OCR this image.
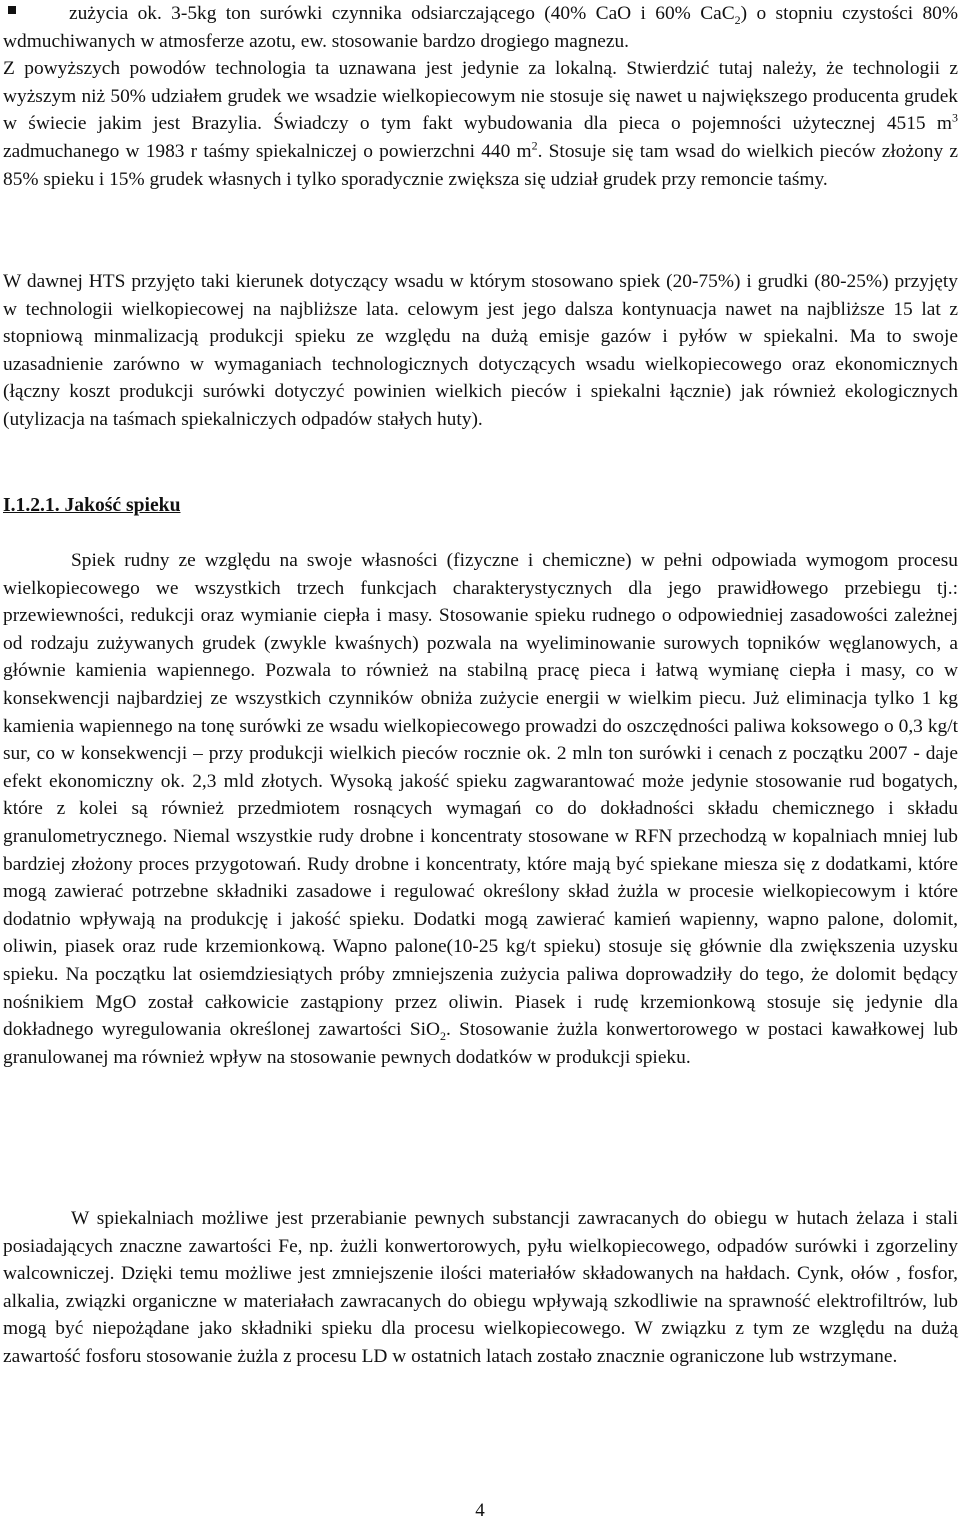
zużycia ok. 3-5kg ton surówki czynnika odsiarczającego (40% CaO i 60% CaC$_2$) o stopniu czystości 80% wdmuchiwanych w atmosferze azotu, ew. stosowanie bardzo drogiego magnezu.
Z powyższych powodów technologia ta uznawana jest jedynie za lokalną. Stwierdzić tutaj należy, że technologii z wyższym niż 50% udziałem grudek we wsadzie wielkopiecowym nie stosuje się nawet u największego producenta grudek w świecie jakim jest Brazylia. Świadczy o tym fakt wybudowania dla pieca o pojemności użytecznej 4515 $m^3$ zadmuchanego w 1983 r taśmy spiekalniczej o powierzchni 440 $m^2$. Stosuje się tam wsad do wielkich pieców złożony z 85% spieku i 15% grudek własnych i tylko sporadycznie zwiększa się udział grudek przy remoncie taśmy.
W dawnej HTS przyjęto taki kierunek dotyczący wsadu w którym stosowano spiek (20-75%) i grudki (80-25%) przyjęty w technologii wielkopiecowej na najbliższe lata. celowym jest jego dalsza kontynuacja nawet na najbliższe 15 lat z stopniową minmalizacją produkcji spieku ze względu na dużą emisje gazów i pyłów w spiekalni. Ma to swoje uzasadnienie zarówno w wymaganiach technologicznych dotyczących wsadu wielkopiecowego oraz ekonomicznych (łączny koszt produkcji surówki dotyczyć powinien wielkich pieców i spiekalni łącznie) jak również ekologicznych (utylizacja na taśmach spiekalniczych odpadów stałych huty).
I.1.2.1. Jakość spieku
Spiek rudny ze względu na swoje własności (fizyczne i chemiczne) w pełni odpowiada wymogom procesu wielkopiecowego we wszystkich trzech funkcjach charakterystycznych dla jego prawidłowego przebiegu tj.: przewiewności, redukcji oraz wymianie ciepła i masy. Stosowanie spieku rudnego o odpowiedniej zasadowości zależnej od rodzaju zużywanych grudek (zwykle kwaśnych) pozwala na wyeliminowanie surowych topników węglanowych, a głównie kamienia wapiennego. Pozwala to również na stabilną pracę pieca i łatwą wymianę ciepła i masy, co w konsekwencji najbardziej ze wszystkich czynników obniża zużycie energii w wielkim piecu. Już eliminacja tylko 1 kg kamienia wapiennego na tonę surówki ze wsadu wielkopiecowego prowadzi do oszczędności paliwa koksowego o 0,3 kg/t sur, co w konsekwencji – przy produkcji wielkich pieców rocznie ok. 2 mln ton surówki i cenach z początku 2007 - daje efekt ekonomiczny ok. 2,3 mld złotych. Wysoką jakość spieku zagwarantować może jedynie stosowanie rud bogatych, które z kolei są również przedmiotem rosnących wymagań co do dokładności składu chemicznego i składu granulometrycznego. Niemal wszystkie rudy drobne i koncentraty stosowane w RFN przechodzą w kopalniach mniej lub bardziej złożony proces przygotowań. Rudy drobne i koncentraty, które mają być spiekane miesza się z dodatkami, które mogą zawierać potrzebne składniki zasadowe i regulować określony skład żużla w procesie wielkopiecowym i które dodatnio wpływają na produkcję i jakość spieku. Dodatki mogą zawierać kamień wapienny, wapno palone, dolomit, oliwin, piasek oraz rude krzemionkową. Wapno palone(10-25 kg/t spieku) stosuje się głównie dla zwiększenia uzysku spieku. Na początku lat osiemdziesiątych próby zmniejszenia zużycia paliwa doprowadziły do tego, że dolomit będący nośnikiem MgO został całkowicie zastąpiony przez oliwin. Piasek i rudę krzemionkową stosuje się jedynie dla dokładnego wyregulowania określonej zawartości SiO$_2$. Stosowanie żużla konwertorowego w postaci kawałkowej lub granulowanej ma również wpływ na stosowanie pewnych dodatków w produkcji spieku.
W spiekalniach możliwe jest przerabianie pewnych substancji zawracanych do obiegu w hutach żelaza i stali posiadających znaczne zawartości Fe, np. żużli konwertorowych, pyłu wielkopiecowego, odpadów surówki i zgorzeliny walcowniczej. Dzięki temu możliwe jest zmniejszenie ilości materiałów składowanych na hałdach. Cynk, ołów , fosfor, alkalia, związki organiczne w materiałach zawracanych do obiegu wpływają szkodliwie na sprawność elektrofiltrów, lub mogą być niepożądane jako składniki spieku dla procesu wielkopiecowego. W związku z tym ze względu na dużą zawartość fosforu stosowanie żużla z procesu LD w ostatnich latach zostało znacznie ograniczone lub wstrzymane.
4
